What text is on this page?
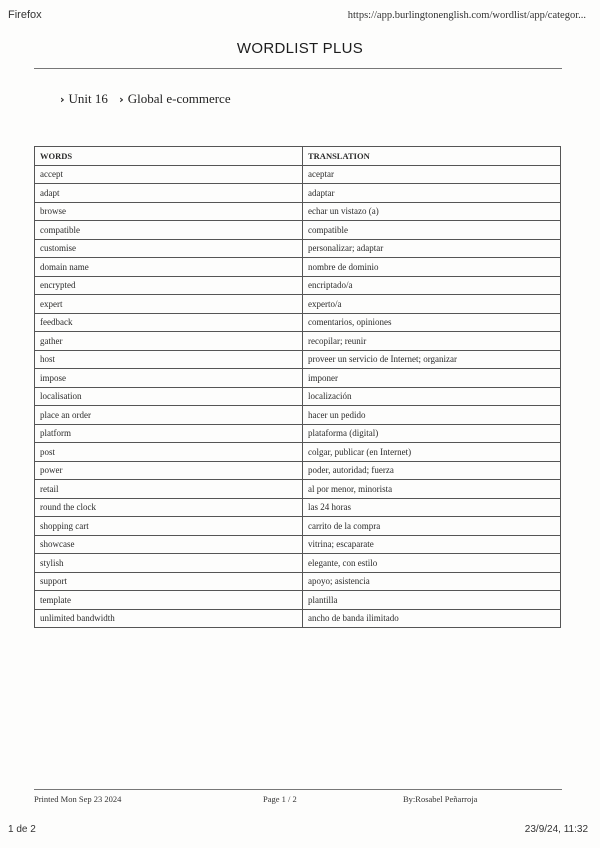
Firefox	https://app.burlingtonenglish.com/wordlist/app/categor...
WORDLIST PLUS
› Unit 16 › Global e-commerce
WORDS	TRANSLATION
accept	aceptar
adapt	adaptar
browse	echar un vistazo (a)
compatible	compatible
customise	personalizar; adaptar
domain name	nombre de dominio
encrypted	encriptado/a
expert	experto/a
feedback	comentarios, opiniones
gather	recopilar; reunir
host	proveer un servicio de Internet; organizar
impose	imponer
localisation	localización
place an order	hacer un pedido
platform	plataforma (digital)
post	colgar, publicar (en Internet)
power	poder, autoridad; fuerza
retail	al por menor, minorista
round the clock	las 24 horas
shopping cart	carrito de la compra
showcase	vitrina; escaparate
stylish	elegante, con estilo
support	apoyo; asistencia
template	plantilla
unlimited bandwidth	ancho de banda ilimitado
Printed Mon Sep 23 2024	Page 1 / 2	By:Rosabel Peñarroja
1 de 2	23/9/24, 11:32
